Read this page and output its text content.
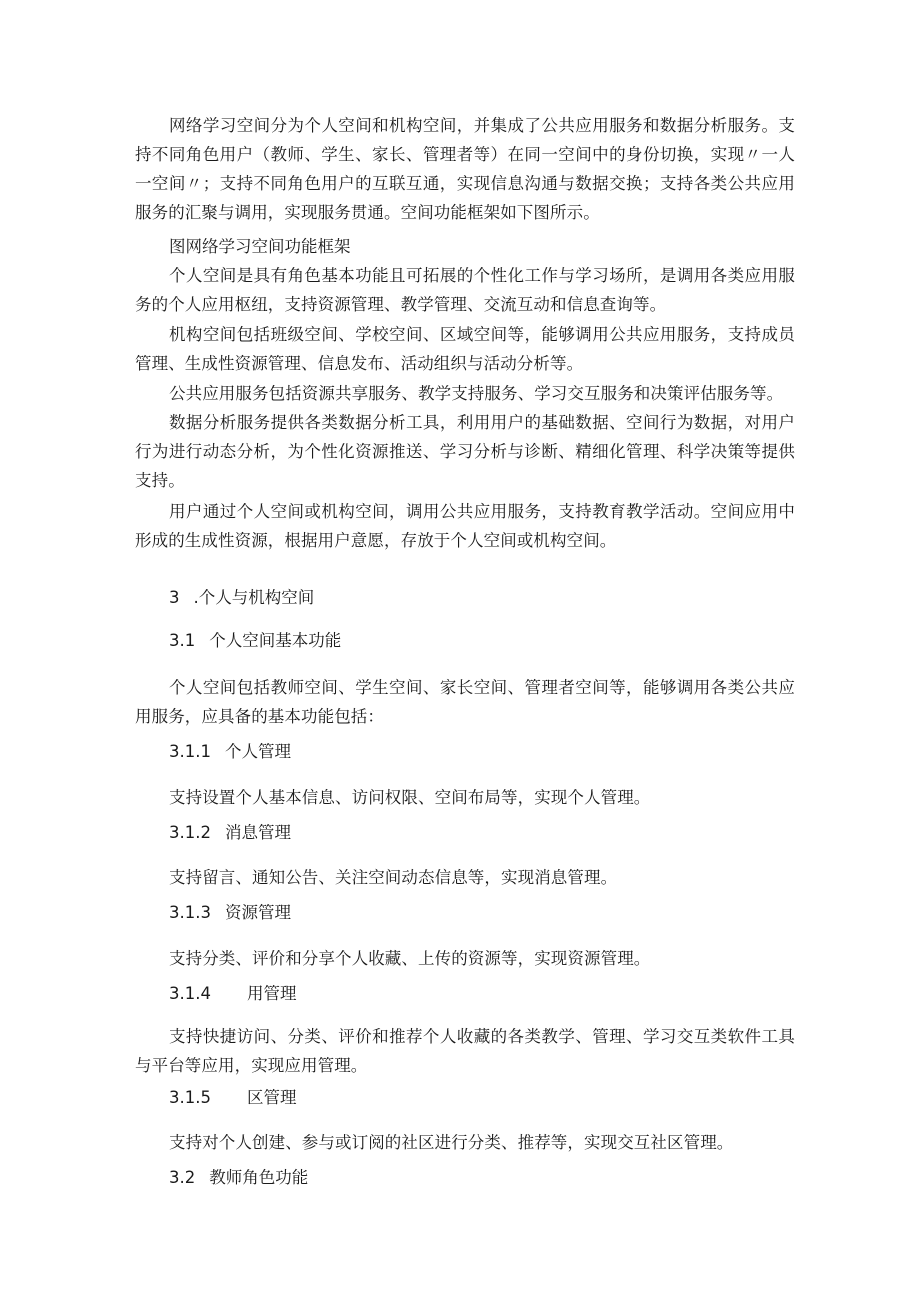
网络学习空间分为个人空间和机构空间，并集成了公共应用服务和数据分析服务。支持不同角色用户（教师、学生、家长、管理者等）在同一空间中的身份切换，实现〃一人一空间〃；支持不同角色用户的互联互通，实现信息沟通与数据交换；支持各类公共应用服务的汇聚与调用，实现服务贯通。空间功能框架如下图所示。

图网络学习空间功能框架

个人空间是具有角色基本功能且可拓展的个性化工作与学习场所，是调用各类应用服务的个人应用枢纽，支持资源管理、教学管理、交流互动和信息查询等。

机构空间包括班级空间、学校空间、区域空间等，能够调用公共应用服务，支持成员管理、生成性资源管理、信息发布、活动组织与活动分析等。

公共应用服务包括资源共享服务、教学支持服务、学习交互服务和决策评估服务等。

数据分析服务提供各类数据分析工具，利用用户的基础数据、空间行为数据，对用户行为进行动态分析，为个性化资源推送、学习分析与诊断、精细化管理、科学决策等提供支持。

用户通过个人空间或机构空间，调用公共应用服务，支持教育教学活动。空间应用中形成的生成性资源，根据用户意愿，存放于个人空间或机构空间。

3 .个人与机构空间
3.1 个人空间基本功能

个人空间包括教师空间、学生空间、家长空间、管理者空间等，能够调用各类公共应用服务，应具备的基本功能包括：

3.1.1 个人管理

支持设置个人基本信息、访问权限、空间布局等，实现个人管理。

3.1.2 消息管理

支持留言、通知公告、关注空间动态信息等，实现消息管理。

3.1.3 资源管理

支持分类、评价和分享个人收藏、上传的资源等，实现资源管理。

3.1.4 用管理

支持快捷访问、分类、评价和推荐个人收藏的各类教学、管理、学习交互类软件工具与平台等应用，实现应用管理。

3.1.5 区管理

支持对个人创建、参与或订阅的社区进行分类、推荐等，实现交互社区管理。

3.2 教师角色功能
